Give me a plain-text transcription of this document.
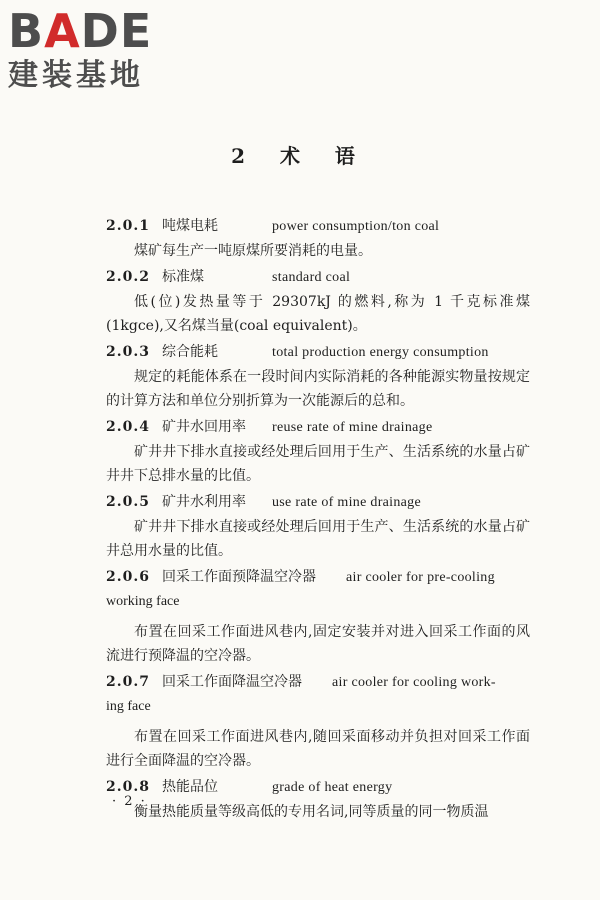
BADE
建装基地
2 术 语
2.0.1 吨煤电耗	power consumption/ton coal

煤矿每生产一吨原煤所要消耗的电量。

2.0.2 标准煤	standard coal

低(位)发热量等于 29307kJ 的燃料,称为 1 千克标准煤(1kgce),又名煤当量(coal equivalent)。

2.0.3 综合能耗	total production energy consumption

规定的耗能体系在一段时间内实际消耗的各种能源实物量按规定的计算方法和单位分别折算为一次能源后的总和。

2.0.4 矿井水回用率	reuse rate of mine drainage

矿井井下排水直接或经处理后回用于生产、生活系统的水量占矿井井下总排水量的比值。

2.0.5 矿井水利用率	use rate of mine drainage

矿井井下排水直接或经处理后回用于生产、生活系统的水量占矿井总用水量的比值。

2.0.6 回采工作面预降温空冷器 air cooler for pre-cooling
working face

布置在回采工作面进风巷内,固定安装并对进入回采工作面的风流进行预降温的空冷器。

2.0.7 回采工作面降温空冷器 air cooler for cooling work-
ing face

布置在回采工作面进风巷内,随回采面移动并负担对回采工作面进行全面降温的空冷器。

2.0.8 热能品位	grade of heat energy

衡量热能质量等级高低的专用名词,同等质量的同一物质温

· 2 ·
